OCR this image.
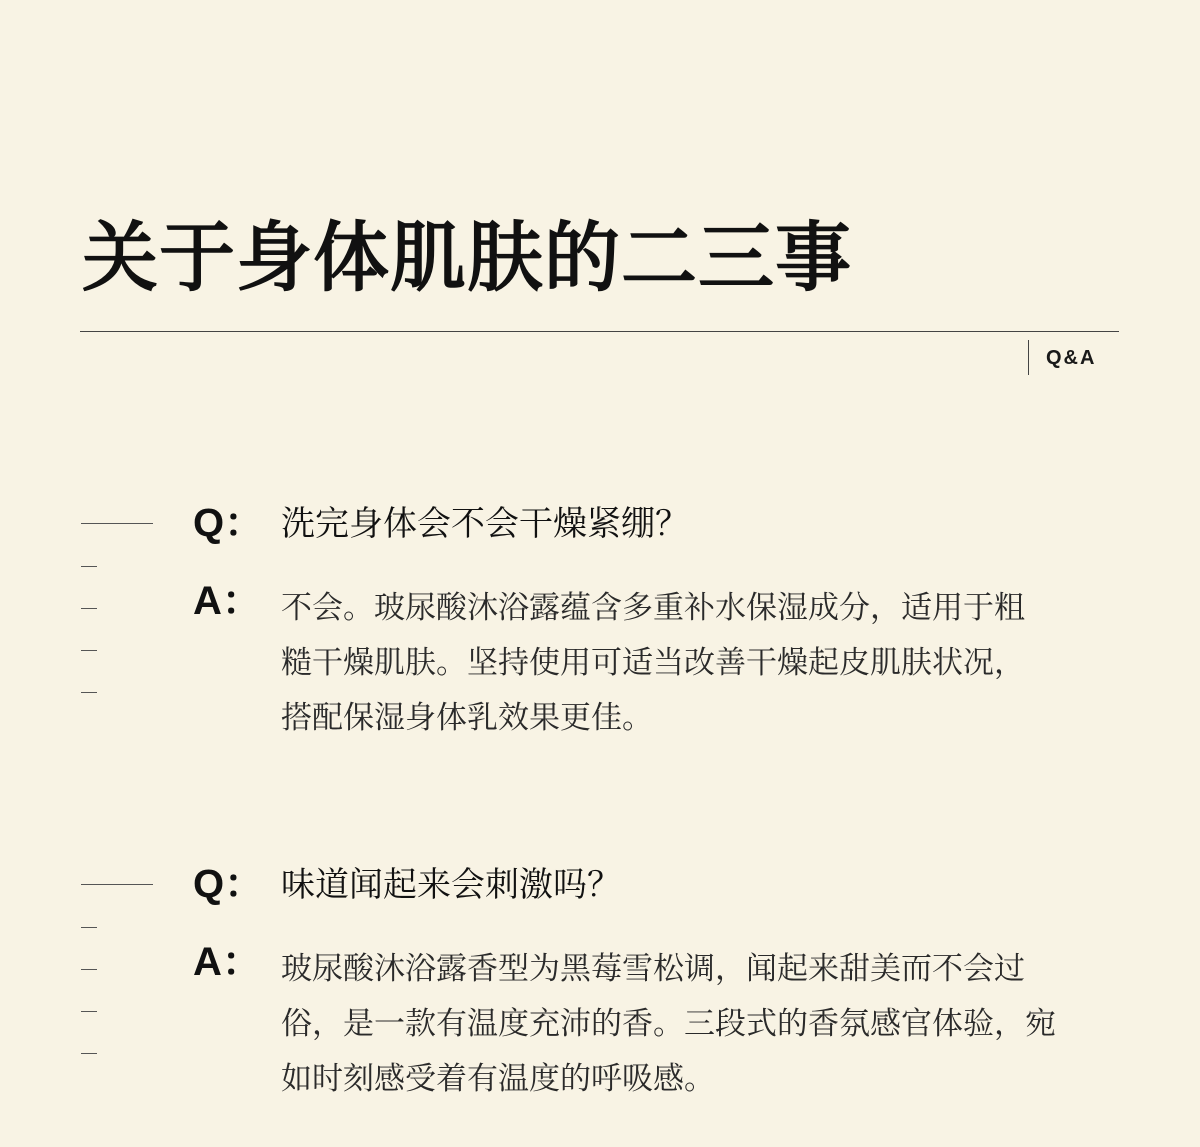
关于身体肌肤的二三事
Q&A
Q： 洗完身体会不会干燥紧绷？
A： 不会。玻尿酸沐浴露蕴含多重补水保湿成分，适用于粗
糙干燥肌肤。坚持使用可适当改善干燥起皮肌肤状况，
搭配保湿身体乳效果更佳。
Q： 味道闻起来会刺激吗？
A： 玻尿酸沐浴露香型为黑莓雪松调，闻起来甜美而不会过
俗，是一款有温度充沛的香。三段式的香氛感官体验，宛
如时刻感受着有温度的呼吸感。
